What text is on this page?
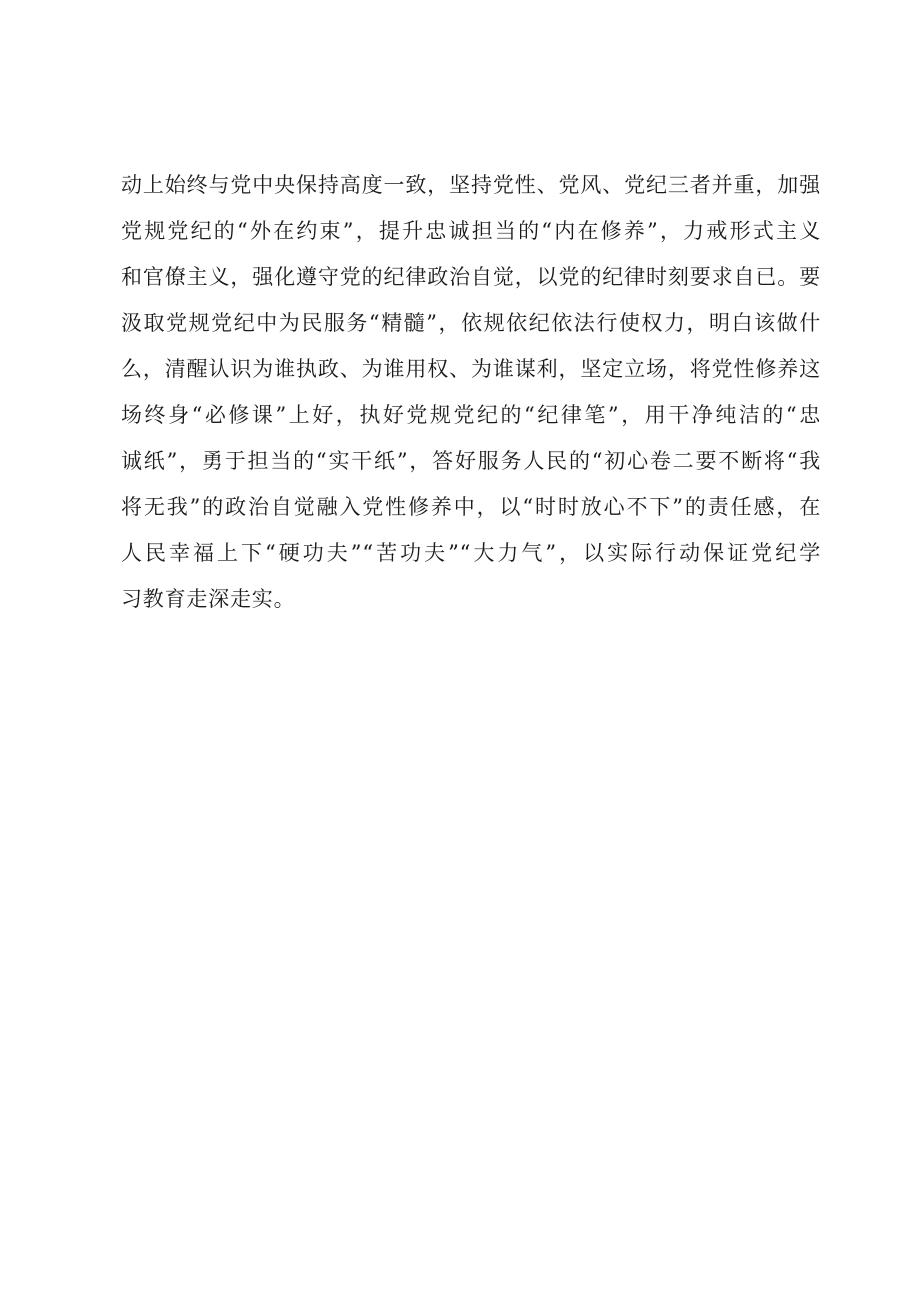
动上始终与党中央保持高度一致，坚持党性、党风、党纪三者并重，加强
党规党纪的“外在约束”，提升忠诚担当的“内在修养”，力戒形式主义
和官僚主义，强化遵守党的纪律政治自觉，以党的纪律时刻要求自已。要
汲取党规党纪中为民服务“精髓”，依规依纪依法行使权力，明白该做什
么，清醒认识为谁执政、为谁用权、为谁谋利，坚定立场，将党性修养这
场终身“必修课”上好，执好党规党纪的“纪律笔”，用干净纯洁的“忠
诚纸”，勇于担当的“实干纸”，答好服务人民的“初心卷二要不断将“我
将无我”的政治自觉融入党性修养中，以“时时放心不下”的责任感，在
人民幸福上下“硬功夫”“苦功夫”“大力气”，以实际行动保证党纪学
习教育走深走实。
